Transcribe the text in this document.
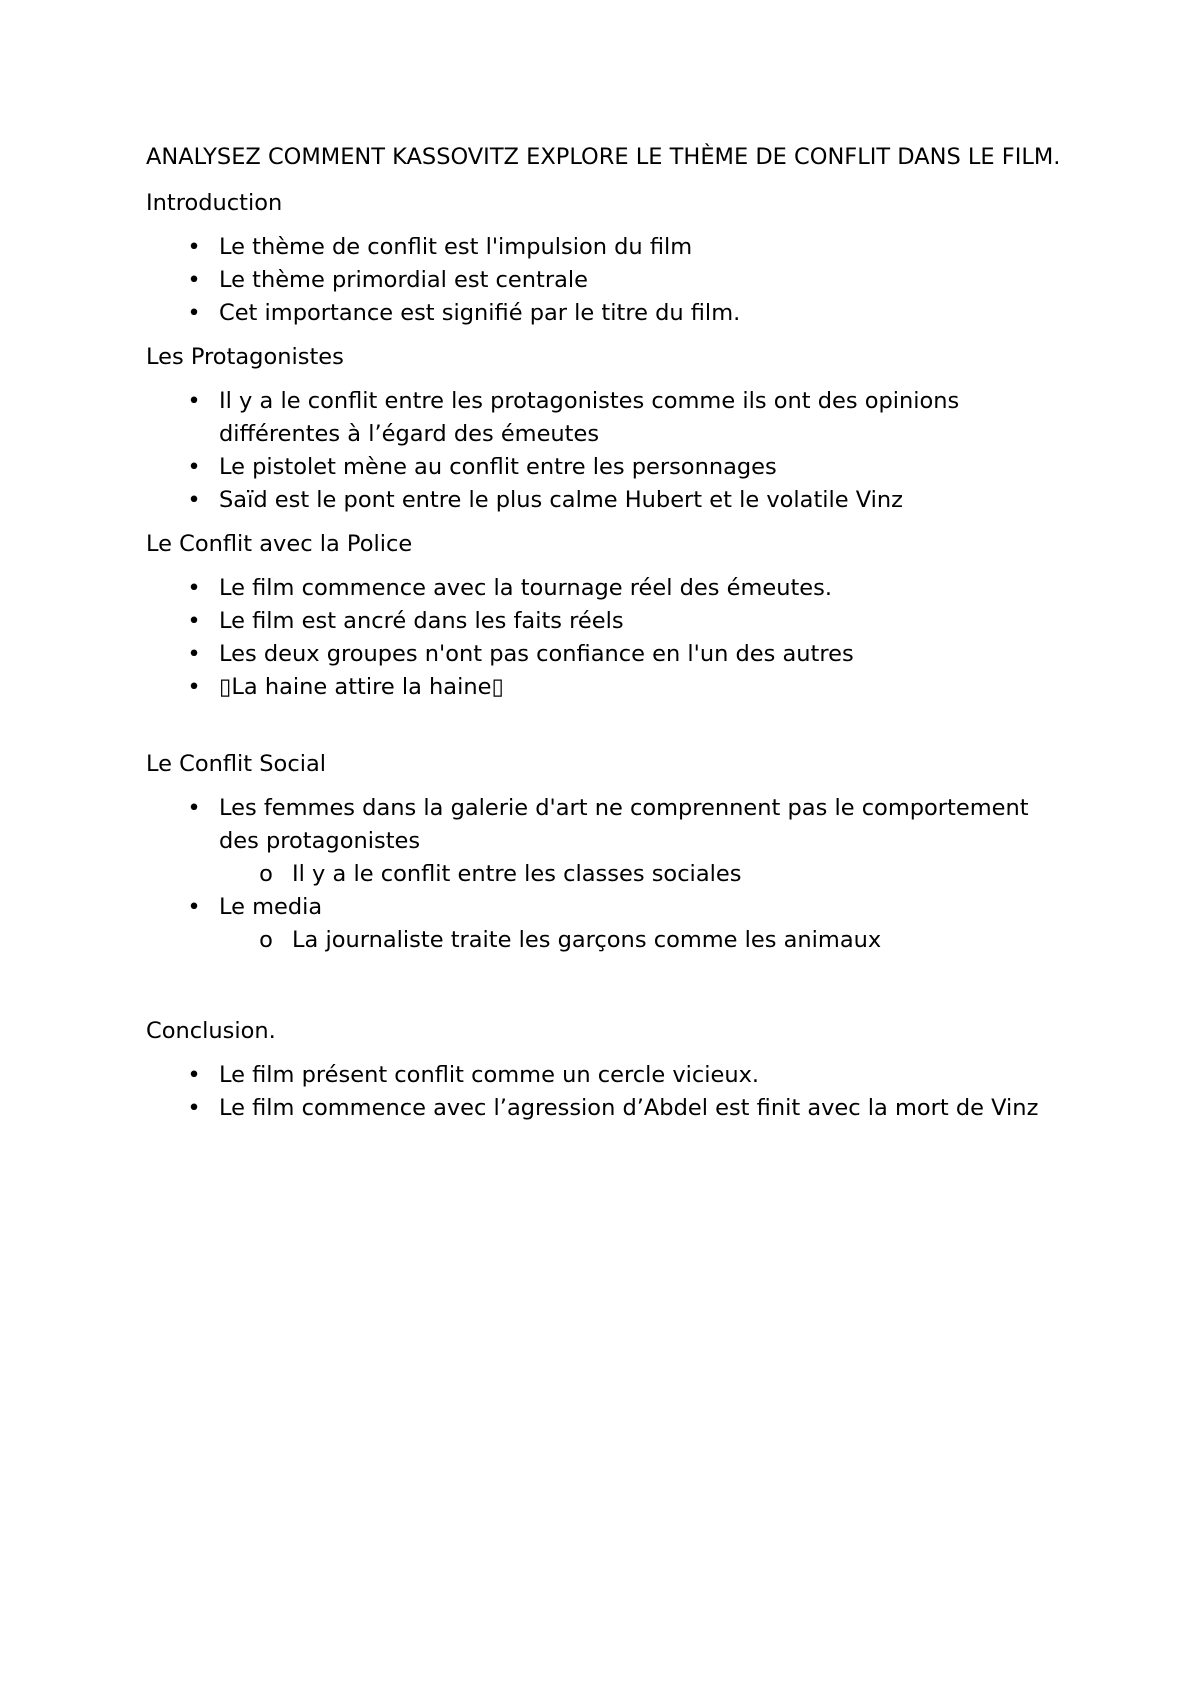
ANALYSEZ COMMENT KASSOVITZ EXPLORE LE THÈME DE CONFLIT DANS LE FILM.
Introduction
• Le thème de conflit est l'impulsion du film
• Le thème primordial est centrale
• Cet importance est signifié par le titre du film.
Les Protagonistes
• Il y a le conflit entre les protagonistes comme ils ont des opinions différentes à l’égard des émeutes
• Le pistolet mène au conflit entre les personnages
• Saïd est le pont entre le plus calme Hubert et le volatile Vinz
Le Conflit avec la Police
• Le film commence avec la tournage réel des émeutes.
• Le film est ancré dans les faits réels
• Les deux groupes n'ont pas confiance en l'un des autres
• ▯La haine attire la haine▯
Le Conflit Social
• Les femmes dans la galerie d'art ne comprennent pas le comportement des protagonistes
o Il y a le conflit entre les classes sociales
• Le media
o La journaliste traite les garçons comme les animaux
Conclusion.
• Le film présent conflit comme un cercle vicieux.
• Le film commence avec l’agression d’Abdel est finit avec la mort de Vinz
